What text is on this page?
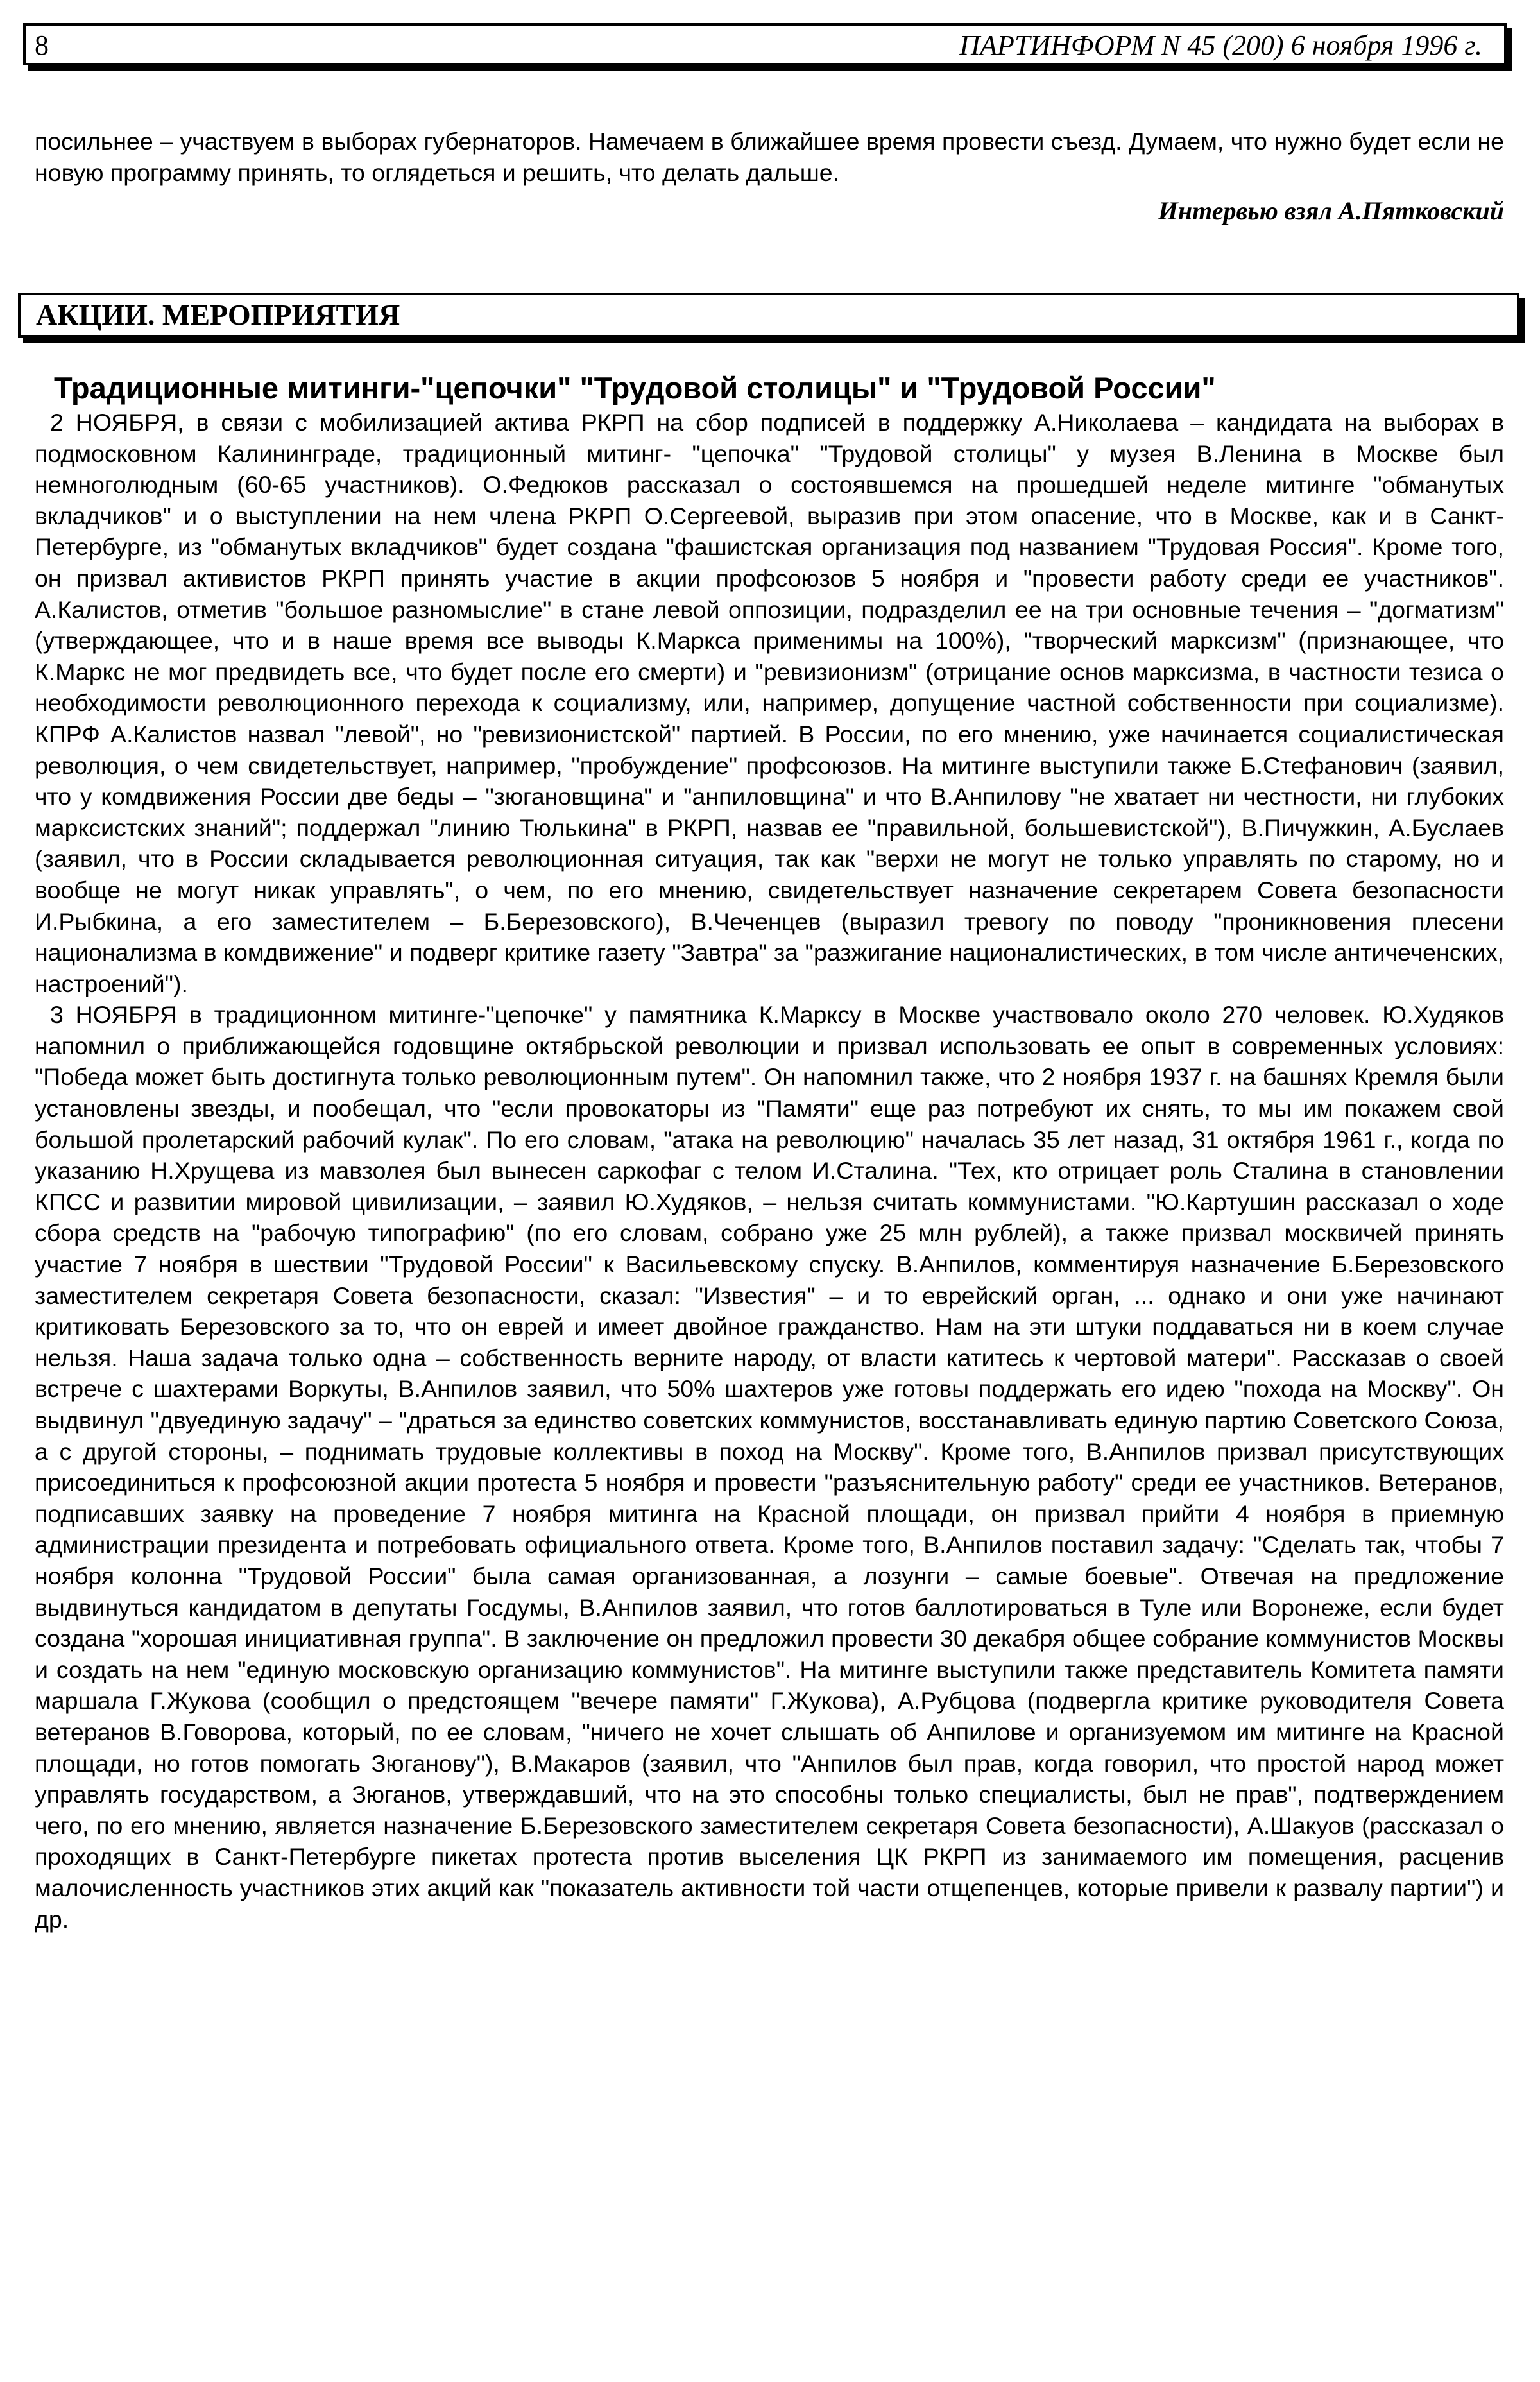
8	ПАРТИНФОРМ N 45 (200) 6 ноября 1996 г.

посильнее – участвуем в выборах губернаторов. Намечаем в ближайшее время провести съезд. Думаем, что нужно будет если не новую программу принять, то оглядеться и решить, что делать дальше.

Интервью взял А.Пятковский

АКЦИИ. МЕРОПРИЯТИЯ
Традиционные митинги-"цепочки" "Трудовой столицы" и "Трудовой России"

2 НОЯБРЯ, в связи с мобилизацией актива РКРП на сбор подписей в поддержку А.Николаева – кандидата на выборах в подмосковном Калининграде, традиционный митинг- "цепочка" "Трудовой столицы" у музея В.Ленина в Москве был немноголюдным (60-65 участников). О.Федюков рассказал о состоявшемся на прошедшей неделе митинге "обманутых вкладчиков" и о выступлении на нем члена РКРП О.Сергеевой, выразив при этом опасение, что в Москве, как и в Санкт-Петербурге, из "обманутых вкладчиков" будет создана "фашистская организация под названием "Трудовая Россия". Кроме того, он призвал активистов РКРП принять участие в акции профсоюзов 5 ноября и "провести работу среди ее участников". А.Калистов, отметив "большое разномыслие" в стане левой оппозиции, подразделил ее на три основные течения – "догматизм" (утверждающее, что и в наше время все выводы К.Маркса применимы на 100%), "творческий марксизм" (признающее, что К.Маркс не мог предвидеть все, что будет после его смерти) и "ревизионизм" (отрицание основ марксизма, в частности тезиса о необходимости революционного перехода к социализму, или, например, допущение частной собственности при социализме). КПРФ А.Калистов назвал "левой", но "ревизионистской" партией. В России, по его мнению, уже начинается социалистическая революция, о чем свидетельствует, например, "пробуждение" профсоюзов. На митинге выступили также Б.Стефанович (заявил, что у комдвижения России две беды – "зюгановщина" и "анпиловщина" и что В.Анпилову "не хватает ни честности, ни глубоких марксистских знаний"; поддержал "линию Тюлькина" в РКРП, назвав ее "правильной, большевистской"), В.Пичужкин, А.Буслаев (заявил, что в России складывается революционная ситуация, так как "верхи не могут не только управлять по старому, но и вообще не могут никак управлять", о чем, по его мнению, свидетельствует назначение секретарем Совета безопасности И.Рыбкина, а его заместителем – Б.Березовского), В.Чеченцев (выразил тревогу по поводу "проникновения плесени национализма в комдвижение" и подверг критике газету "Завтра" за "разжигание националистических, в том числе античеченских, настроений").

3 НОЯБРЯ в традиционном митинге-"цепочке" у памятника К.Марксу в Москве участвовало около 270 человек. Ю.Худяков напомнил о приближающейся годовщине октябрьской революции и призвал использовать ее опыт в современных условиях: "Победа может быть достигнута только революционным путем". Он напомнил также, что 2 ноября 1937 г. на башнях Кремля были установлены звезды, и пообещал, что "если провокаторы из "Памяти" еще раз потребуют их снять, то мы им покажем свой большой пролетарский рабочий кулак". По его словам, "атака на революцию" началась 35 лет назад, 31 октября 1961 г., когда по указанию Н.Хрущева из мавзолея был вынесен саркофаг с телом И.Сталина. "Тех, кто отрицает роль Сталина в становлении КПСС и развитии мировой цивилизации, – заявил Ю.Худяков, – нельзя считать коммунистами. "Ю.Картушин рассказал о ходе сбора средств на "рабочую типографию" (по его словам, собрано уже 25 млн рублей), а также призвал москвичей принять участие 7 ноября в шествии "Трудовой России" к Васильевскому спуску. В.Анпилов, комментируя назначение Б.Березовского заместителем секретаря Совета безопасности, сказал: "Известия" – и то еврейский орган, ... однако и они уже начинают критиковать Березовского за то, что он еврей и имеет двойное гражданство. Нам на эти штуки поддаваться ни в коем случае нельзя. Наша задача только одна – собственность верните народу, от власти катитесь к чертовой матери". Рассказав о своей встрече с шахтерами Воркуты, В.Анпилов заявил, что 50% шахтеров уже готовы поддержать его идею "похода на Москву". Он выдвинул "двуединую задачу" – "драться за единство советских коммунистов, восстанавливать единую партию Советского Союза, а с другой стороны, – поднимать трудовые коллективы в поход на Москву". Кроме того, В.Анпилов призвал присутствующих присоединиться к профсоюзной акции протеста 5 ноября и провести "разъяснительную работу" среди ее участников. Ветеранов, подписавших заявку на проведение 7 ноября митинга на Красной площади, он призвал прийти 4 ноября в приемную администрации президента и потребовать официального ответа. Кроме того, В.Анпилов поставил задачу: "Сделать так, чтобы 7 ноября колонна "Трудовой России" была самая организованная, а лозунги – самые боевые". Отвечая на предложение выдвинуться кандидатом в депутаты Госдумы, В.Анпилов заявил, что готов баллотироваться в Туле или Воронеже, если будет создана "хорошая инициативная группа". В заключение он предложил провести 30 декабря общее собрание коммунистов Москвы и создать на нем "единую московскую организацию коммунистов". На митинге выступили также представитель Комитета памяти маршала Г.Жукова (сообщил о предстоящем "вечере памяти" Г.Жукова), А.Рубцова (подвергла критике руководителя Совета ветеранов В.Говорова, который, по ее словам, "ничего не хочет слышать об Анпилове и организуемом им митинге на Красной площади, но готов помогать Зюганову"), В.Макаров (заявил, что "Анпилов был прав, когда говорил, что простой народ может управлять государством, а Зюганов, утверждавший, что на это способны только специалисты, был не прав", подтверждением чего, по его мнению, является назначение Б.Березовского заместителем секретаря Совета безопасности), А.Шакуов (рассказал о проходящих в Санкт-Петербурге пикетах протеста против выселения ЦК РКРП из занимаемого им помещения, расценив малочисленность участников этих акций как "показатель активности той части отщепенцев, которые привели к развалу партии") и др.
